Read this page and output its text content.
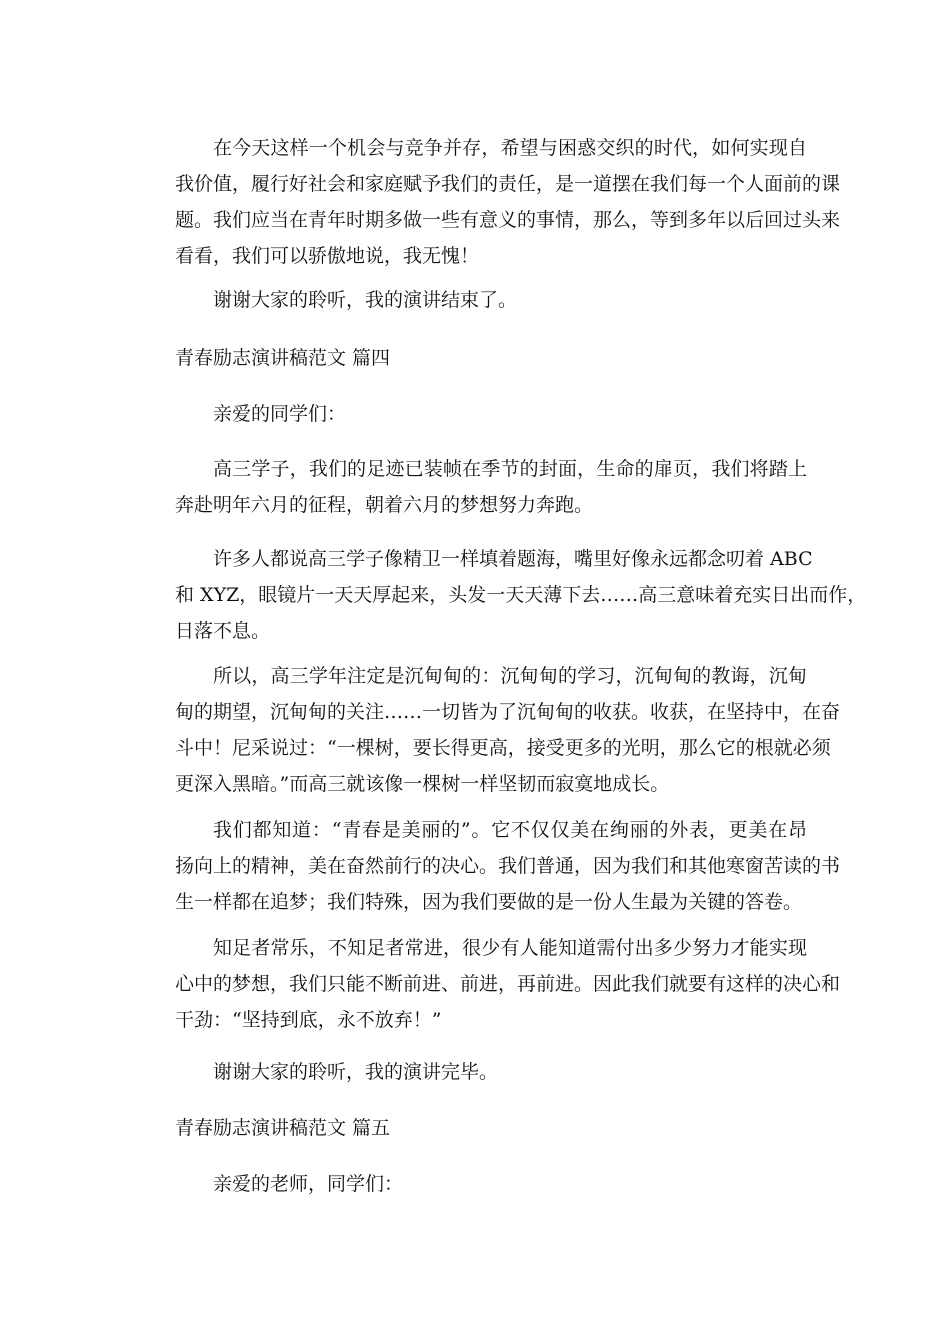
在今天这样一个机会与竞争并存，希望与困惑交织的时代，如何实现自
我价值，履行好社会和家庭赋予我们的责任，是一道摆在我们每一个人面前的课
题。我们应当在青年时期多做一些有意义的事情，那么，等到多年以后回过头来
看看，我们可以骄傲地说，我无愧！
谢谢大家的聆听，我的演讲结束了。
青春励志演讲稿范文 篇四
亲爱的同学们：
高三学子，我们的足迹已装帧在季节的封面，生命的扉页，我们将踏上
奔赴明年六月的征程，朝着六月的梦想努力奔跑。
许多人都说高三学子像精卫一样填着题海，嘴里好像永远都念叨着 ABC
和 XYZ，眼镜片一天天厚起来，头发一天天薄下去……高三意味着充实日出而作，
日落不息。
所以，高三学年注定是沉甸甸的：沉甸甸的学习，沉甸甸的教诲，沉甸
甸的期望，沉甸甸的关注……一切皆为了沉甸甸的收获。收获，在坚持中，在奋
斗中！尼采说过：“一棵树，要长得更高，接受更多的光明，那么它的根就必须
更深入黑暗。”而高三就该像一棵树一样坚韧而寂寞地成长。
我们都知道：“青春是美丽的”。它不仅仅美在绚丽的外表，更美在昂
扬向上的精神，美在奋然前行的决心。我们普通，因为我们和其他寒窗苦读的书
生一样都在追梦；我们特殊，因为我们要做的是一份人生最为关键的答卷。
知足者常乐，不知足者常进，很少有人能知道需付出多少努力才能实现
心中的梦想，我们只能不断前进、前进，再前进。因此我们就要有这样的决心和
干劲：“坚持到底，永不放弃！”
谢谢大家的聆听，我的演讲完毕。
青春励志演讲稿范文 篇五
亲爱的老师，同学们：
